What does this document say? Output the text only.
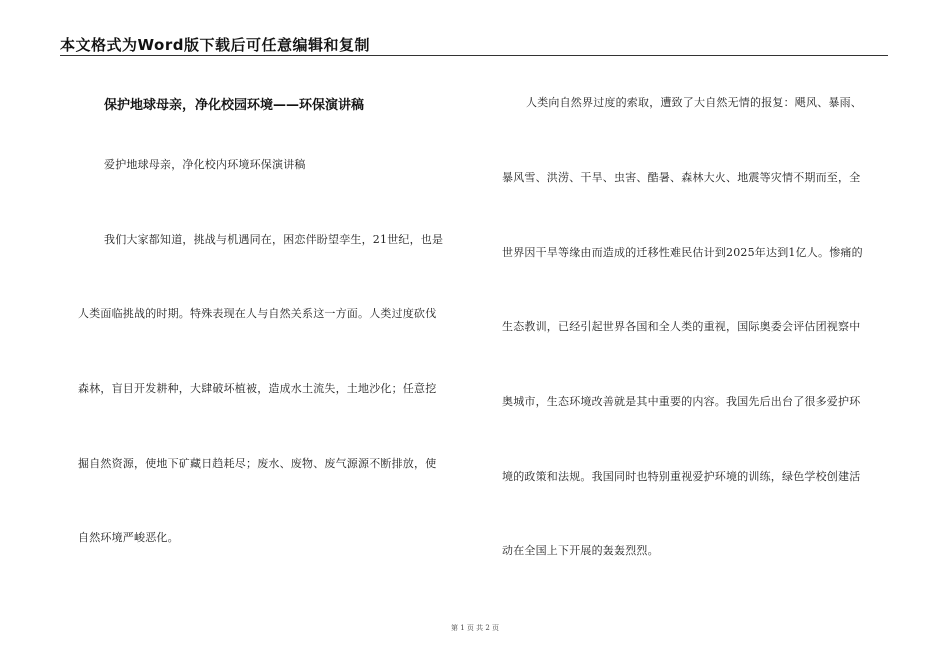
本文格式为Word版下载后可任意编辑和复制
保护地球母亲，净化校园环境——环保演讲稿
爱护地球母亲，净化校内环境环保演讲稿
我们大家都知道，挑战与机遇同在，困恋伴盼望孪生，21世纪，也是
人类面临挑战的时期。特殊表现在人与自然关系这一方面。人类过度砍伐
森林，盲目开发耕种，大肆破坏植被，造成水土流失，土地沙化；任意挖
掘自然资源，使地下矿藏日趋耗尽；废水、废物、废气源源不断排放，使
自然环境严峻恶化。
人类向自然界过度的索取，遭致了大自然无情的报复：飓风、暴雨、
暴风雪、洪涝、干旱、虫害、酷暑、森林大火、地震等灾情不期而至，全
世界因干旱等缘由而造成的迁移性难民估计到2025年达到1亿人。惨痛的
生态教训，已经引起世界各国和全人类的重视，国际奥委会评估团视察中
奥城市，生态环境改善就是其中重要的内容。我国先后出台了很多爱护环
境的政策和法规。我国同时也特别重视爱护环境的训练，绿色学校创建活
动在全国上下开展的轰轰烈烈。
第 1 页 共 2 页
